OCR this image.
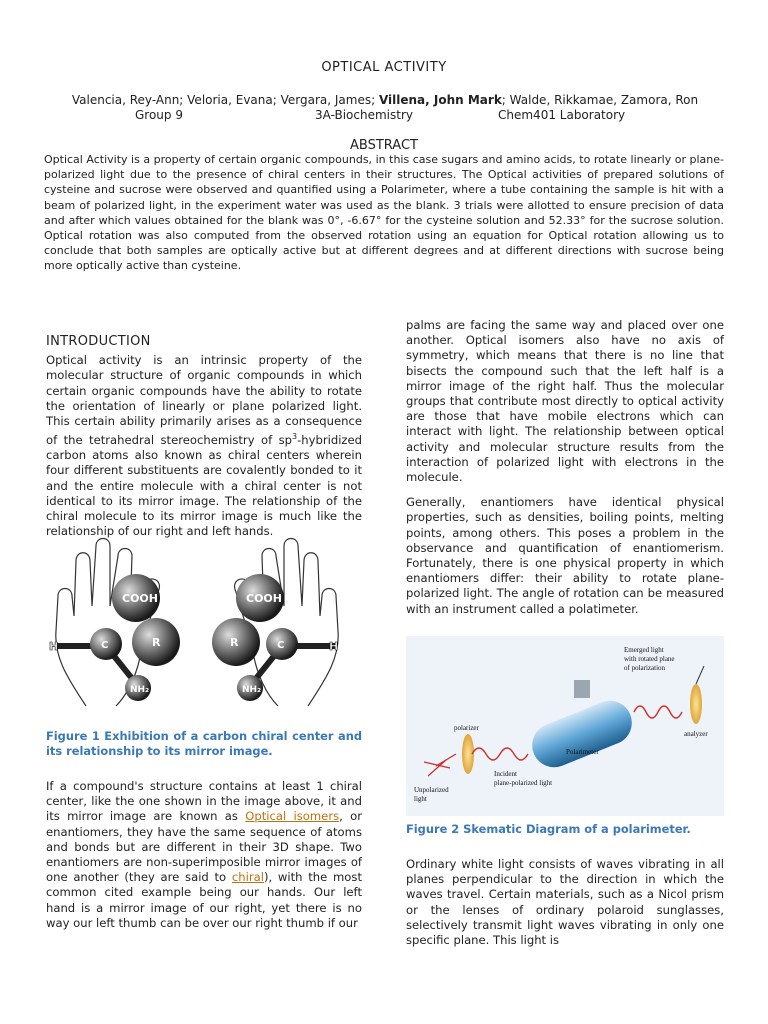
OPTICAL ACTIVITY
Valencia, Rey-Ann; Veloria, Evana; Vergara, James; Villena, John Mark; Walde, Rikkamae, Zamora, Ron
Group 9	3A-Biochemistry	Chem401 Laboratory
ABSTRACT
Optical Activity is a property of certain organic compounds, in this case sugars and amino acids, to rotate linearly or plane-polarized light due to the presence of chiral centers in their structures. The Optical activities of prepared solutions of cysteine and sucrose were observed and quantified using a Polarimeter, where a tube containing the sample is hit with a beam of polarized light, in the experiment water was used as the blank. 3 trials were allotted to ensure precision of data and after which values obtained for the blank was 0°, -6.67° for the cysteine solution and 52.33° for the sucrose solution. Optical rotation was also computed from the observed rotation using an equation for Optical rotation allowing us to conclude that both samples are optically active but at different degrees and at different directions with sucrose being more optically active than cysteine.
INTRODUCTION

Optical activity is an intrinsic property of the molecular structure of organic compounds in which certain organic compounds have the ability to rotate the orientation of linearly or plane polarized light. This certain ability primarily arises as a consequence of the tetrahedral stereochemistry of $sp^3$-hybridized carbon atoms also known as chiral centers wherein four different substituents are covalently bonded to it and the entire molecule with a chiral center is not identical to its mirror image. The relationship of the chiral molecule to its mirror image is much like the relationship of our right and left hands.

COOH
R
C
H
NH₂
COOH
R	C	H
NH₂
Figure 1 Exhibition of a carbon chiral center and its relationship to its mirror image.

If a compound's structure contains at least 1 chiral center, like the one shown in the image above, it and its mirror image are known as Optical isomers, or enantiomers, they have the same sequence of atoms and bonds but are different in their 3D shape. Two enantiomers are non-superimposible mirror images of one another (they are said to chiral), with the most common cited example being our hands. Our left hand is a mirror image of our right, yet there is no way our left thumb can be over our right thumb if our

palms are facing the same way and placed over one another. Optical isomers also have no axis of symmetry, which means that there is no line that bisects the compound such that the left half is a mirror image of the right half. Thus the molecular groups that contribute most directly to optical activity are those that have mobile electrons which can interact with light. The relationship between optical activity and molecular structure results from the interaction of polarized light with electrons in the molecule.

Generally, enantiomers have identical physical properties, such as densities, boiling points, melting points, among others. This poses a problem in the observance and quantification of enantiomerism. Fortunately, there is one physical property in which enantiomers differ: their ability to rotate plane-polarized light. The angle of rotation can be measured with an instrument called a polatimeter.

Emerged light with rotated plane of polarization
polarizer
Polarimeter
analyzer
Incident plane-polarized light
Unpolarized light
Figure 2 Skematic Diagram of a polarimeter.

Ordinary white light consists of waves vibrating in all planes perpendicular to the direction in which the waves travel. Certain materials, such as a Nicol prism or the lenses of ordinary polaroid sunglasses, selectively transmit light waves vibrating in only one specific plane. This light is
